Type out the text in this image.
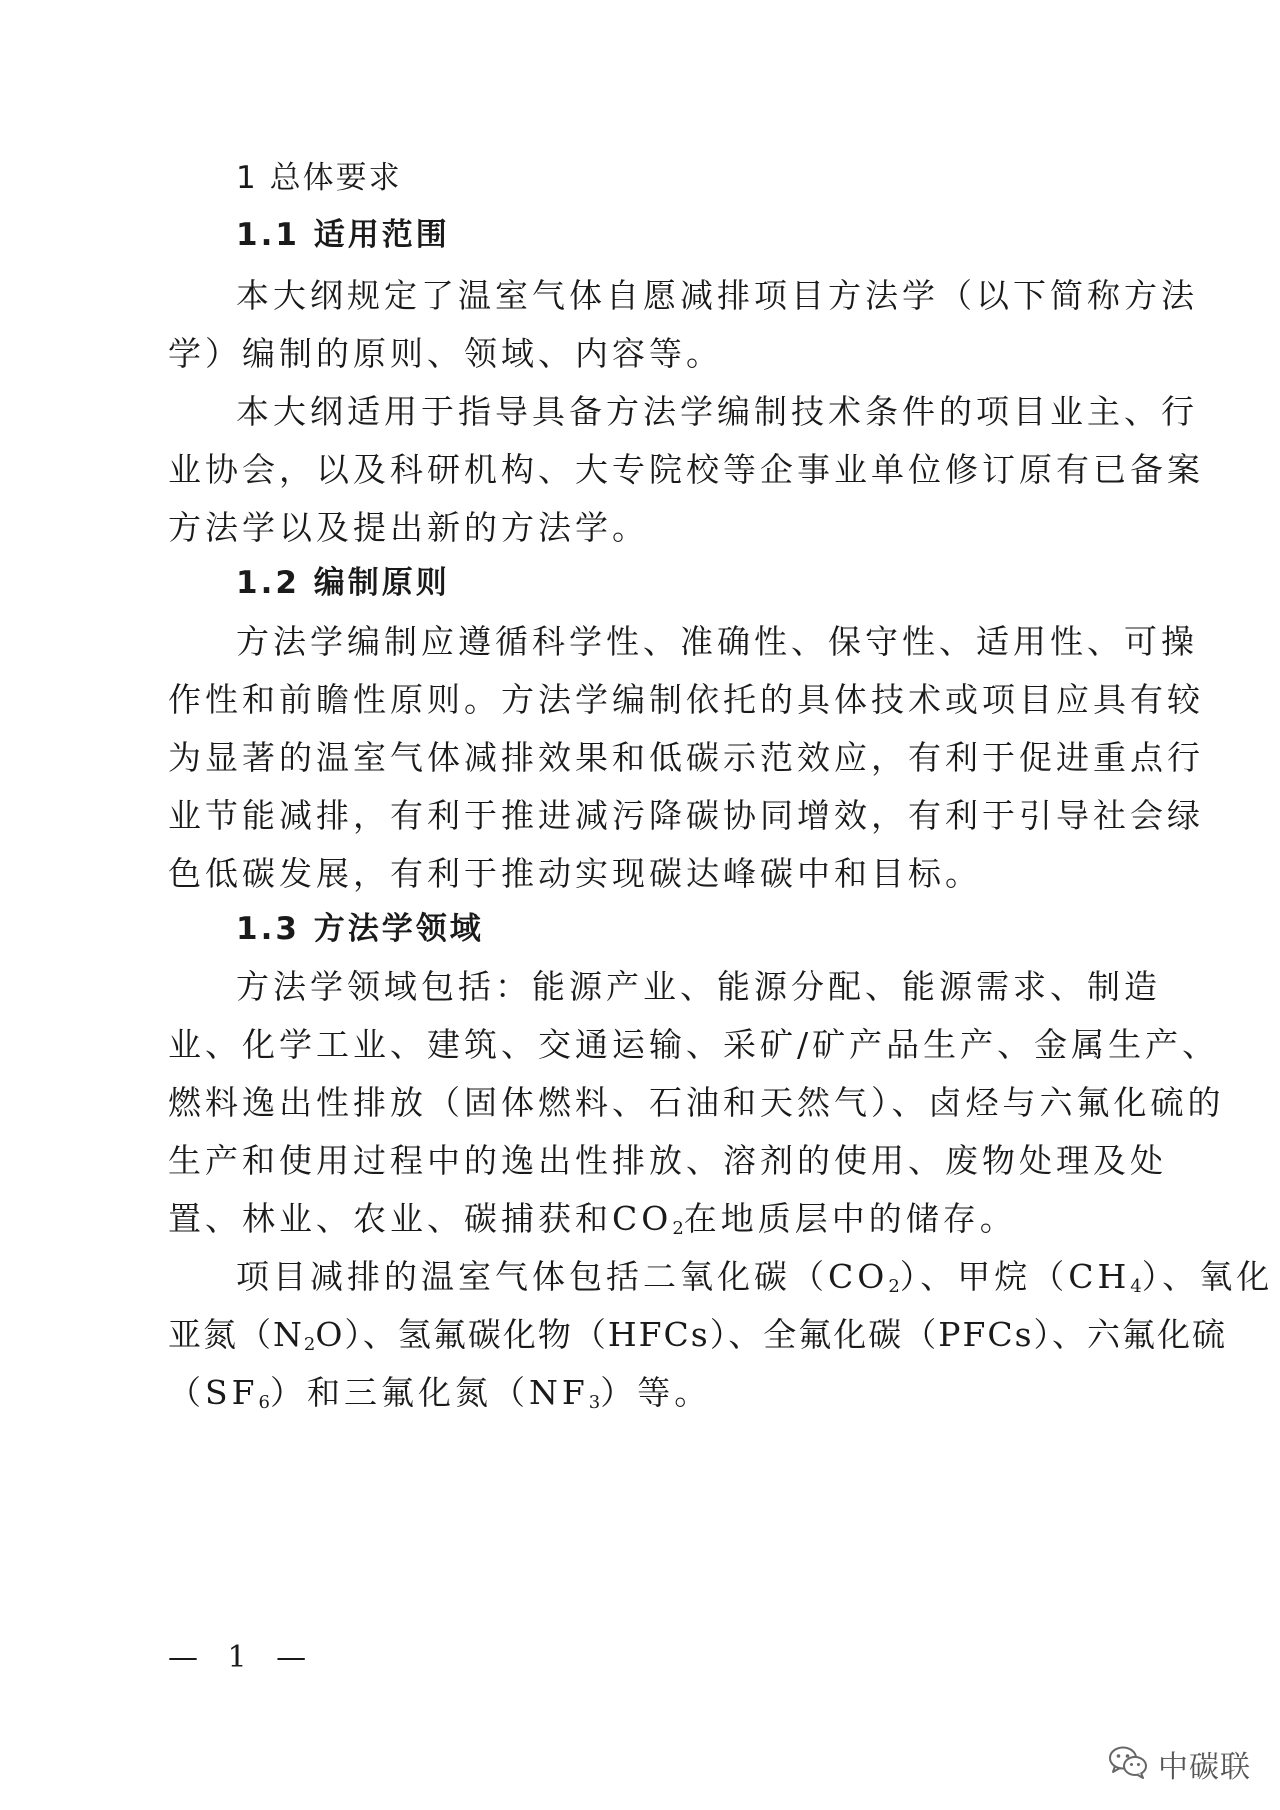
1 总体要求
1.1 适用范围
本大纲规定了温室气体自愿减排项目方法学（以下简称方法
学）编制的原则、领域、内容等。
本大纲适用于指导具备方法学编制技术条件的项目业主、行
业协会，以及科研机构、大专院校等企事业单位修订原有已备案
方法学以及提出新的方法学。
1.2 编制原则
方法学编制应遵循科学性、准确性、保守性、适用性、可操
作性和前瞻性原则。方法学编制依托的具体技术或项目应具有较
为显著的温室气体减排效果和低碳示范效应，有利于促进重点行
业节能减排，有利于推进减污降碳协同增效，有利于引导社会绿
色低碳发展，有利于推动实现碳达峰碳中和目标。
1.3 方法学领域
方法学领域包括：能源产业、能源分配、能源需求、制造
业、化学工业、建筑、交通运输、采矿/矿产品生产、金属生产、
燃料逸出性排放（固体燃料、石油和天然气）、卤烃与六氟化硫的
生产和使用过程中的逸出性排放、溶剂的使用、废物处理及处
置、林业、农业、碳捕获和$CO_2$在地质层中的储存。
项目减排的温室气体包括二氧化碳$(CO_2)$、甲烷$(CH_4)$、氧化
亚氮$(N_2O)$、氢氟碳化物（HFCs）、全氟化碳（PFCs）、六氟化硫
$(SF_6)$和三氟化氮$(NF_3)$等。
— 1 —
中碳联
